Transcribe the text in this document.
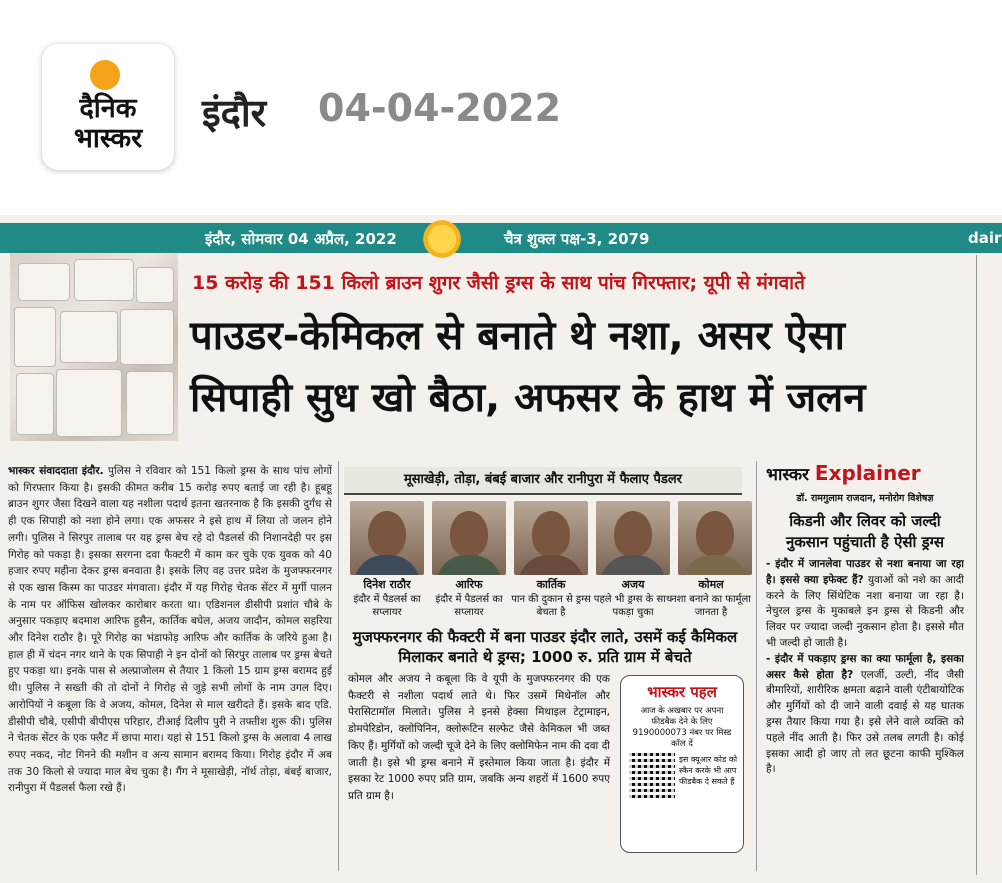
दैनिक
भास्कर
इंदौर 04-04-2022
इंदौर, सोमवार 04 अप्रैल, 2022	चैत्र शुक्ल पक्ष-3, 2079	dair
15 करोड़ की 151 किलो ब्राउन शुगर जैसी ड्रग्स के साथ पांच गिरफ्तार; यूपी से मंगवाते
पाउडर-केमिकल से बनाते थे नशा, असर ऐसा
सिपाही सुध खो बैठा, अफसर के हाथ में जलन
भास्कर संवाददाता इंदौर. पुलिस ने रविवार को 151 किलो ड्रग्स के साथ पांच लोगों को गिरफ्तार किया है। इसकी कीमत करीब 15 करोड़ रुपए बताई जा रही है। हूबहू ब्राउन शुगर जैसा दिखने वाला यह नशीला पदार्थ इतना खतरनाक है कि इसकी दुर्गंध से ही एक सिपाही को नशा होने लगा। एक अफसर ने इसे हाथ में लिया तो जलन होने लगी। पुलिस ने सिरपुर तालाब पर यह ड्रग्स बेच रहे दो पैडलर्स की निशानदेही पर इस गिरोह को पकड़ा है। इसका सरगना दवा फैक्टरी में काम कर चुके एक युवक को 40 हजार रुपए महीना देकर ड्रग्स बनवाता है। इसके लिए वह उत्तर प्रदेश के मुजफ्फरनगर से एक खास किस्म का पाउडर मंगवाता। इंदौर में यह गिरोह चेतक सेंटर में मुर्गी पालन के नाम पर ऑफिस खोलकर कारोबार करता था। एडिशनल डीसीपी प्रशांत चौबे के अनुसार पकड़ाए बदमाश आरिफ हुसैन, कार्तिक बघेल, अजय जादौन, कोमल सहरिया और दिनेश राठौर है। पूरे गिरोह का भंडाफोड़ आरिफ और कार्तिक के जरिये हुआ है। हाल ही में चंदन नगर थाने के एक सिपाही ने इन दोनों को सिरपुर तालाब पर ड्रग्स बेचते हुए पकड़ा था। इनके पास से अल्प्राजोलम से तैयार 1 किलो 15 ग्राम ड्रग्स बरामद हुई थी। पुलिस ने सख्ती की तो दोनों ने गिरोह से जुड़े सभी लोगों के नाम उगल दिए। आरोपियों ने कबूला कि वे अजय, कोमल, दिनेश से माल खरीदते हैं। इसके बाद एडि. डीसीपी चौबे, एसीपी बीपीएस परिहार, टीआई दिलीप पुरी ने तफ्तीश शुरू की। पुलिस ने चेतक सेंटर के एक फ्लैट में छापा मारा। यहां से 151 किलो ड्रग्स के अलावा 4 लाख रुपए नकद, नोट गिनने की मशीन व अन्य सामान बरामद किया। गिरोह इंदौर में अब तक 30 किलो से ज्यादा माल बेच चुका है। गैंग ने मूसाखेड़ी, नॉर्थ तोड़ा, बंबई बाजार, रानीपुरा में पैडलर्स फैला रखे हैं।
मूसाखेड़ी, तोड़ा, बंबई बाजार और रानीपुरा में फैलाए पैडलर
दिनेश राठौर
इंदौर में पैडलर्स का सप्लायर
आरिफ
इंदौर में पैडलर्स का सप्लायर
कार्तिक
पान की दुकान से ड्रग्स बेचता है
अजय
पहले भी ड्रग्स के साथ पकड़ा चुका
कोमल
नशा बनाने का फार्मूला जानता है
मुजफ्फरनगर की फैक्टरी में बना पाउडर इंदौर लाते, उसमें कई कैमिकल मिलाकर बनाते थे ड्रग्स; 1000 रु. प्रति ग्राम में बेचते
कोमल और अजय ने कबूला कि वे यूपी के मुजफ्फरनगर की एक फैक्टरी से नशीला पदार्थ लाते थे। फिर उसमें मिथेनॉल और पेरासिटामॉल मिलाते। पुलिस ने इनसे हेक्सा मिथाइल टेट्रामाइन, डोमपेरिडोन, क्लोपिनिन, क्लोरूटिन सल्फेट जैसे केमिकल भी जब्त किए हैं। मुर्गियों को जल्दी चूजे देने के लिए क्लोमिफेन नाम की दवा दी जाती है। इसे भी ड्रग्स बनाने में इस्तेमाल किया जाता है। इंदौर में इसका रेट 1000 रुपए प्रति ग्राम, जबकि अन्य शहरों में 1600 रुपए प्रति ग्राम है।
भास्कर पहल
आज के अखबार पर अपना फीडबैक देने के लिए 9190000073 नंबर पर मिस्ड कॉल दें
इस क्यूआर कोड को स्कैन करके भी आप फीडबैक दे सकते हैं
भास्कर Explainer
डॉ. रामगुलाम राजदान, मनोरोग विशेषज्ञ
किडनी और लिवर को जल्दी नुकसान पहुंचाती है ऐसी ड्रग्स
- इंदौर में जानलेवा पाउडर से नशा बनाया जा रहा है। इससे क्या इफेक्ट हैं? युवाओं को नशे का आदी करने के लिए सिंथेटिक नशा बनाया जा रहा है। नेचुरल ड्रग्स के मुकाबले इन ड्रग्स से किडनी और लिवर पर ज्यादा जल्दी नुकसान होता है। इससे मौत भी जल्दी हो जाती है।
- इंदौर में पकड़ाए ड्रग्स का क्या फार्मूला है, इसका असर कैसे होता है? एलर्जी, उल्टी, नींद जैसी बीमारियों, शारीरिक क्षमता बढ़ाने वाली एंटीबायोटिक और मुर्गियों को दी जाने वाली दवाई से यह घातक ड्रग्स तैयार किया गया है। इसे लेने वाले व्यक्ति को पहले नींद आती है। फिर उसे तलब लगती है। कोई इसका आदी हो जाए तो लत छूटना काफी मुश्किल है।
